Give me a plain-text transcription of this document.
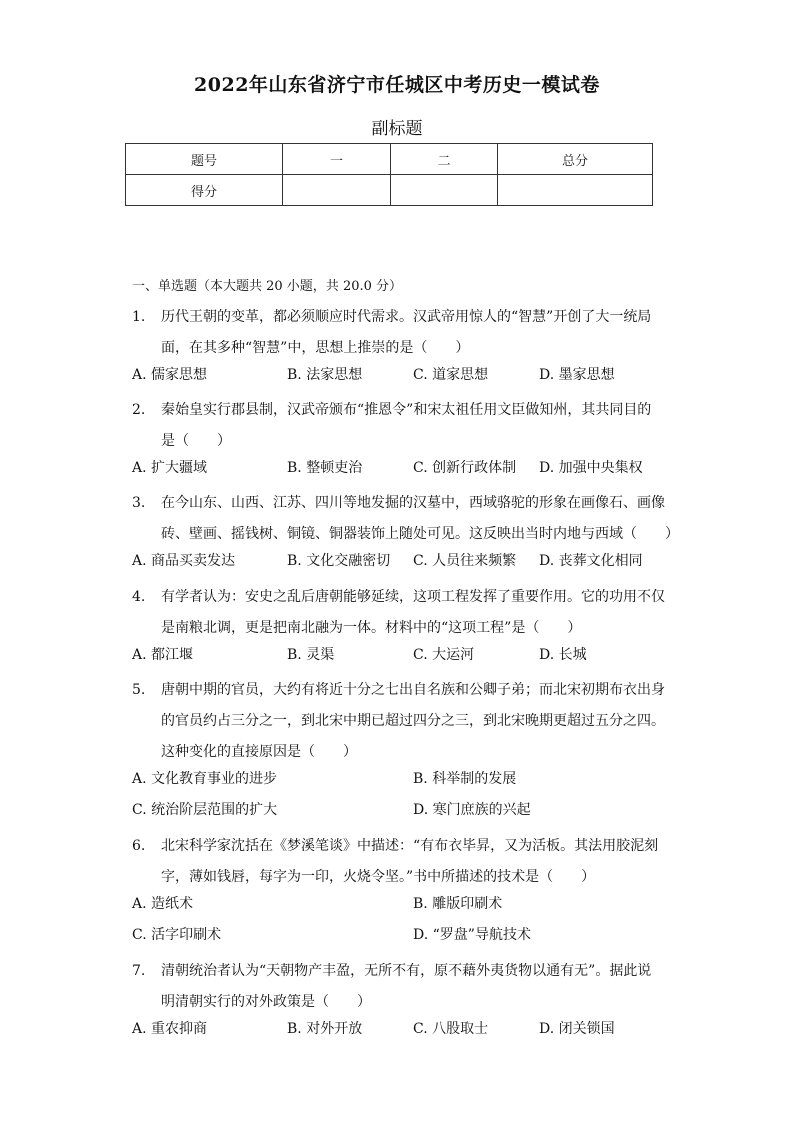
2022年山东省济宁市任城区中考历史一模试卷
副标题
题号	一	二	总分
得分			
一、单选题（本大题共 20 小题，共 20.0 分）
1.	历代王朝的变革，都必须顺应时代需求。汉武帝用惊人的“智慧”开创了大一统局
面，在其多种“智慧”中，思想上推崇的是（　　）
A. 儒家思想	B. 法家思想	C. 道家思想	D. 墨家思想
2.	秦始皇实行郡县制，汉武帝颁布“推恩令”和宋太祖任用文臣做知州，其共同目的
是（　　）
A. 扩大疆域	B. 整顿吏治	C. 创新行政体制 D. 加强中央集权
3.	在今山东、山西、江苏、四川等地发掘的汉墓中，西域骆驼的形象在画像石、画像
砖、壁画、摇钱树、铜镜、铜器装饰上随处可见。这反映出当时内地与西域（　　）
A. 商品买卖发达	B. 文化交融密切 C. 人员往来频繁 D. 丧葬文化相同
4.	有学者认为：安史之乱后唐朝能够延续，这项工程发挥了重要作用。它的功用不仅
是南粮北调，更是把南北融为一体。材料中的“这项工程”是（　　）
A. 都江堰	B. 灵渠	C. 大运河	D. 长城
5.	唐朝中期的官员，大约有将近十分之七出自名族和公卿子弟；而北宋初期布衣出身
的官员约占三分之一，到北宋中期已超过四分之三，到北宋晚期更超过五分之四。
这种变化的直接原因是（　　）
A. 文化教育事业的进步	B. 科举制的发展
C. 统治阶层范围的扩大	D. 寒门庶族的兴起
6.	北宋科学家沈括在《梦溪笔谈》中描述：“有布衣毕昇，又为活板。其法用胶泥刻
字，薄如钱唇，每字为一印，火烧令坚。”书中所描述的技术是（　　）
A. 造纸术	B. 雕版印刷术
C. 活字印刷术	D. “罗盘”导航技术
7.	清朝统治者认为“天朝物产丰盈，无所不有，原不藉外夷货物以通有无”。据此说
明清朝实行的对外政策是（　　）
A. 重农抑商	B. 对外开放	C. 八股取士	D. 闭关锁国
